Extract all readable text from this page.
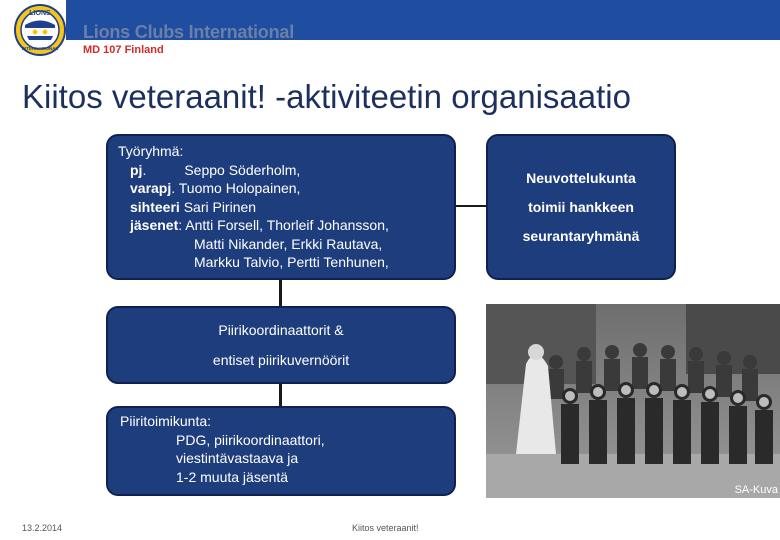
LIONS
INTERNATIONAL
Lions Clubs International
MD 107 Finland
Kiitos veteraanit! -aktiviteetin organisaatio
Työryhmä:
pj.	Seppo Söderholm,
varapj. Tuomo Holopainen,
sihteeri Sari Pirinen
jäsenet: Antti Forsell, Thorleif Johansson,
Matti Nikander, Erkki Rautava,
Markku Talvio, Pertti Tenhunen,
Neuvottelukunta
toimii hankkeen
seurantaryhmänä
Piirikoordinaattorit &
entiset piirikuvernöörit
Piiritoimikunta:
PDG, piirikoordinaattori,
viestintävastaava ja
1-2 muuta jäsentä
SA-Kuva
13.2.2014	Kiitos veteraanit!
